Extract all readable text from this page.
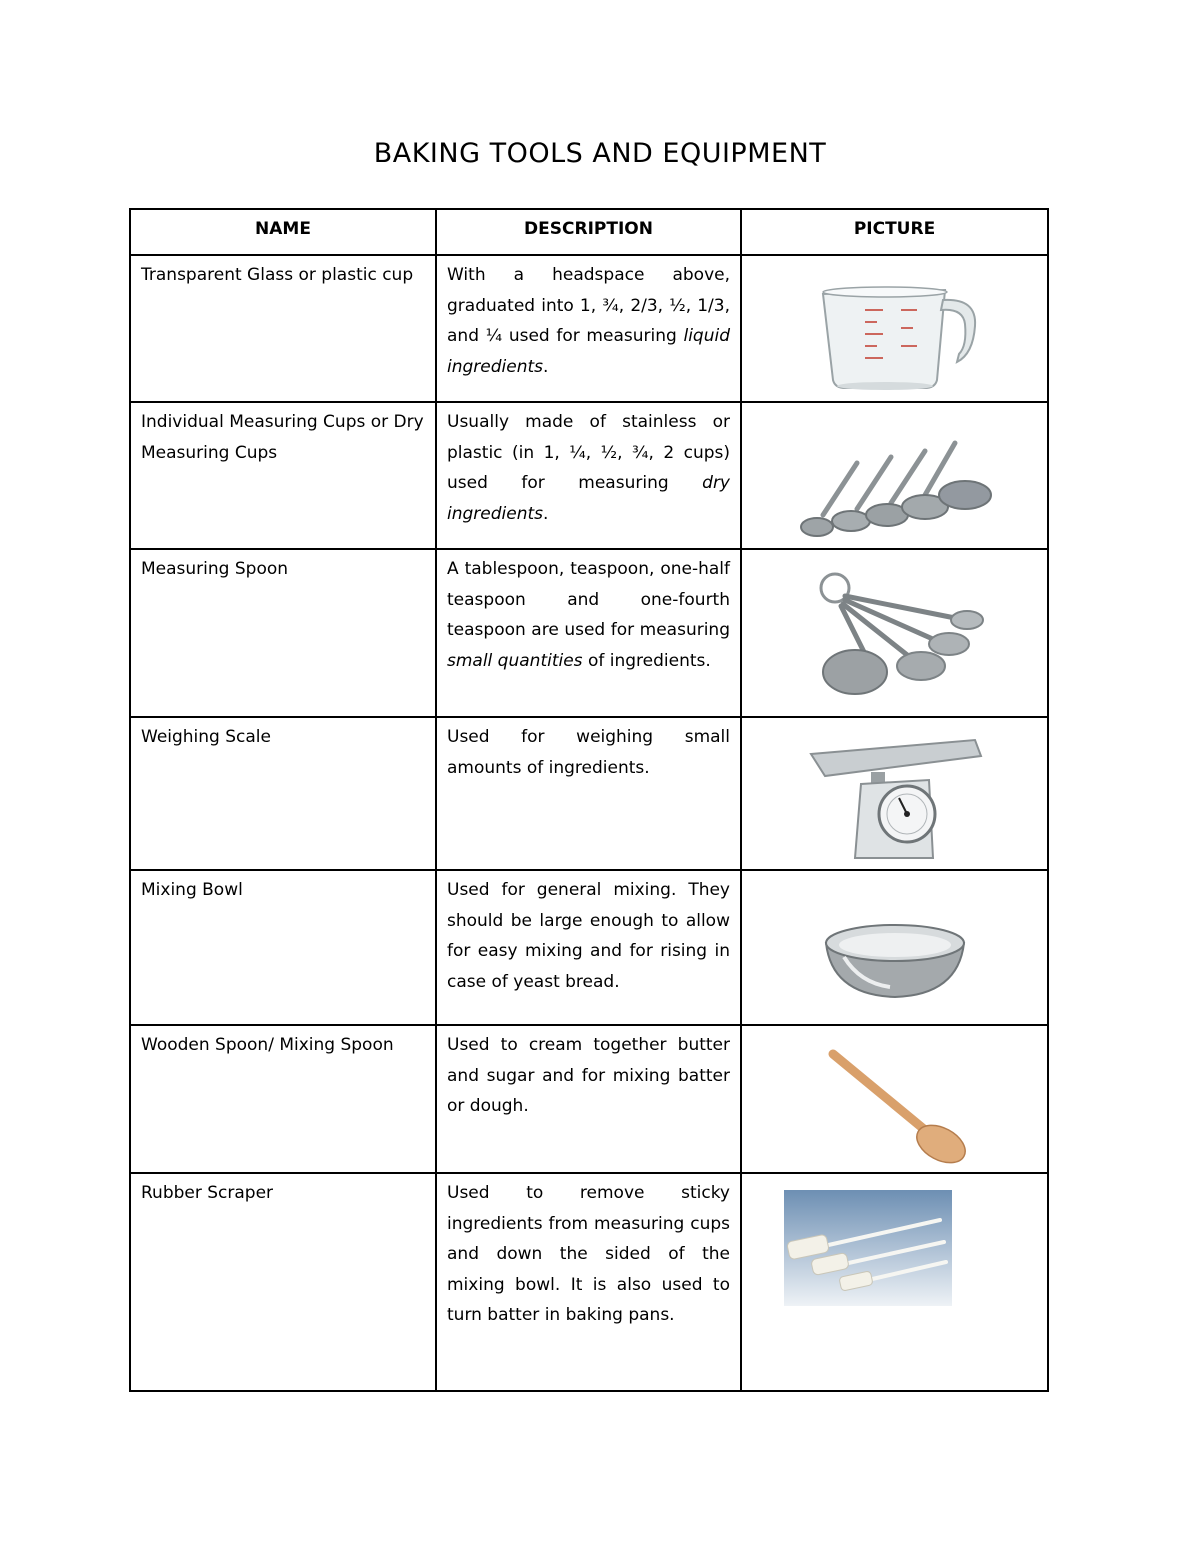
BAKING TOOLS AND EQUIPMENT
NAME	DESCRIPTION	PICTURE
Transparent Glass or plastic cup	With a headspace above, graduated into 1, ¾, 2/3, ½, 1/3, and ¼ used for measuring liquid ingredients.	

Individual Measuring Cups or Dry Measuring Cups	Usually made of stainless or plastic (in 1, ¼, ½, ¾, 2 cups) used for measuring dry ingredients.	

Measuring Spoon	A tablespoon, teaspoon, one-half teaspoon and one-fourth teaspoon are used for measuring small quantities of ingredients.	

Weighing Scale	Used for weighing small amounts of ingredients.	

Mixing Bowl	Used for general mixing. They should be large enough to allow for easy mixing and for rising in case of yeast bread.	

Wooden Spoon/ Mixing Spoon	Used to cream together butter and sugar and for mixing batter or dough.	

Rubber Scraper	Used to remove sticky ingredients from measuring cups and down the sided of the mixing bowl. It is also used to turn batter in baking pans.	
